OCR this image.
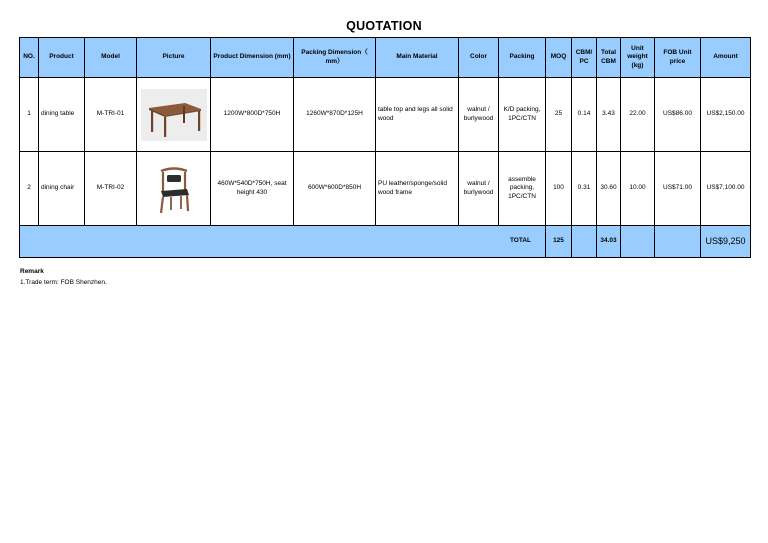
QUOTATION
NO.	Product	Model	Picture	Product Dimension (mm)	Packing Dimension（ mm）	Main Material	Color	Packing	MOQ	CBM/ PC	Total CBM	Unit weight (kg)	FOB Unit price	Amount
1	dining table	M-TRI-01		1200W*800D*750H	1260W*870D*125H	table top and legs all solid wood	walnut / burlywood	K/D packing, 1PC/CTN	25	0.14	3.43	22.00	US$86.00	US$2,150.00
2	dining chair	M-TRI-02		460W*540D*750H, seat height 430	600W*600D*850H	PU leather/sponge/solid wood frame	walnut / burlywood	assemble packing, 1PC/CTN	100	0.31	30.60	10.00	US$71.00	US$7,100.00
TOTAL									125		34.03			US$9,250
Remark
1.Trade term: FOB Shenzhen.
